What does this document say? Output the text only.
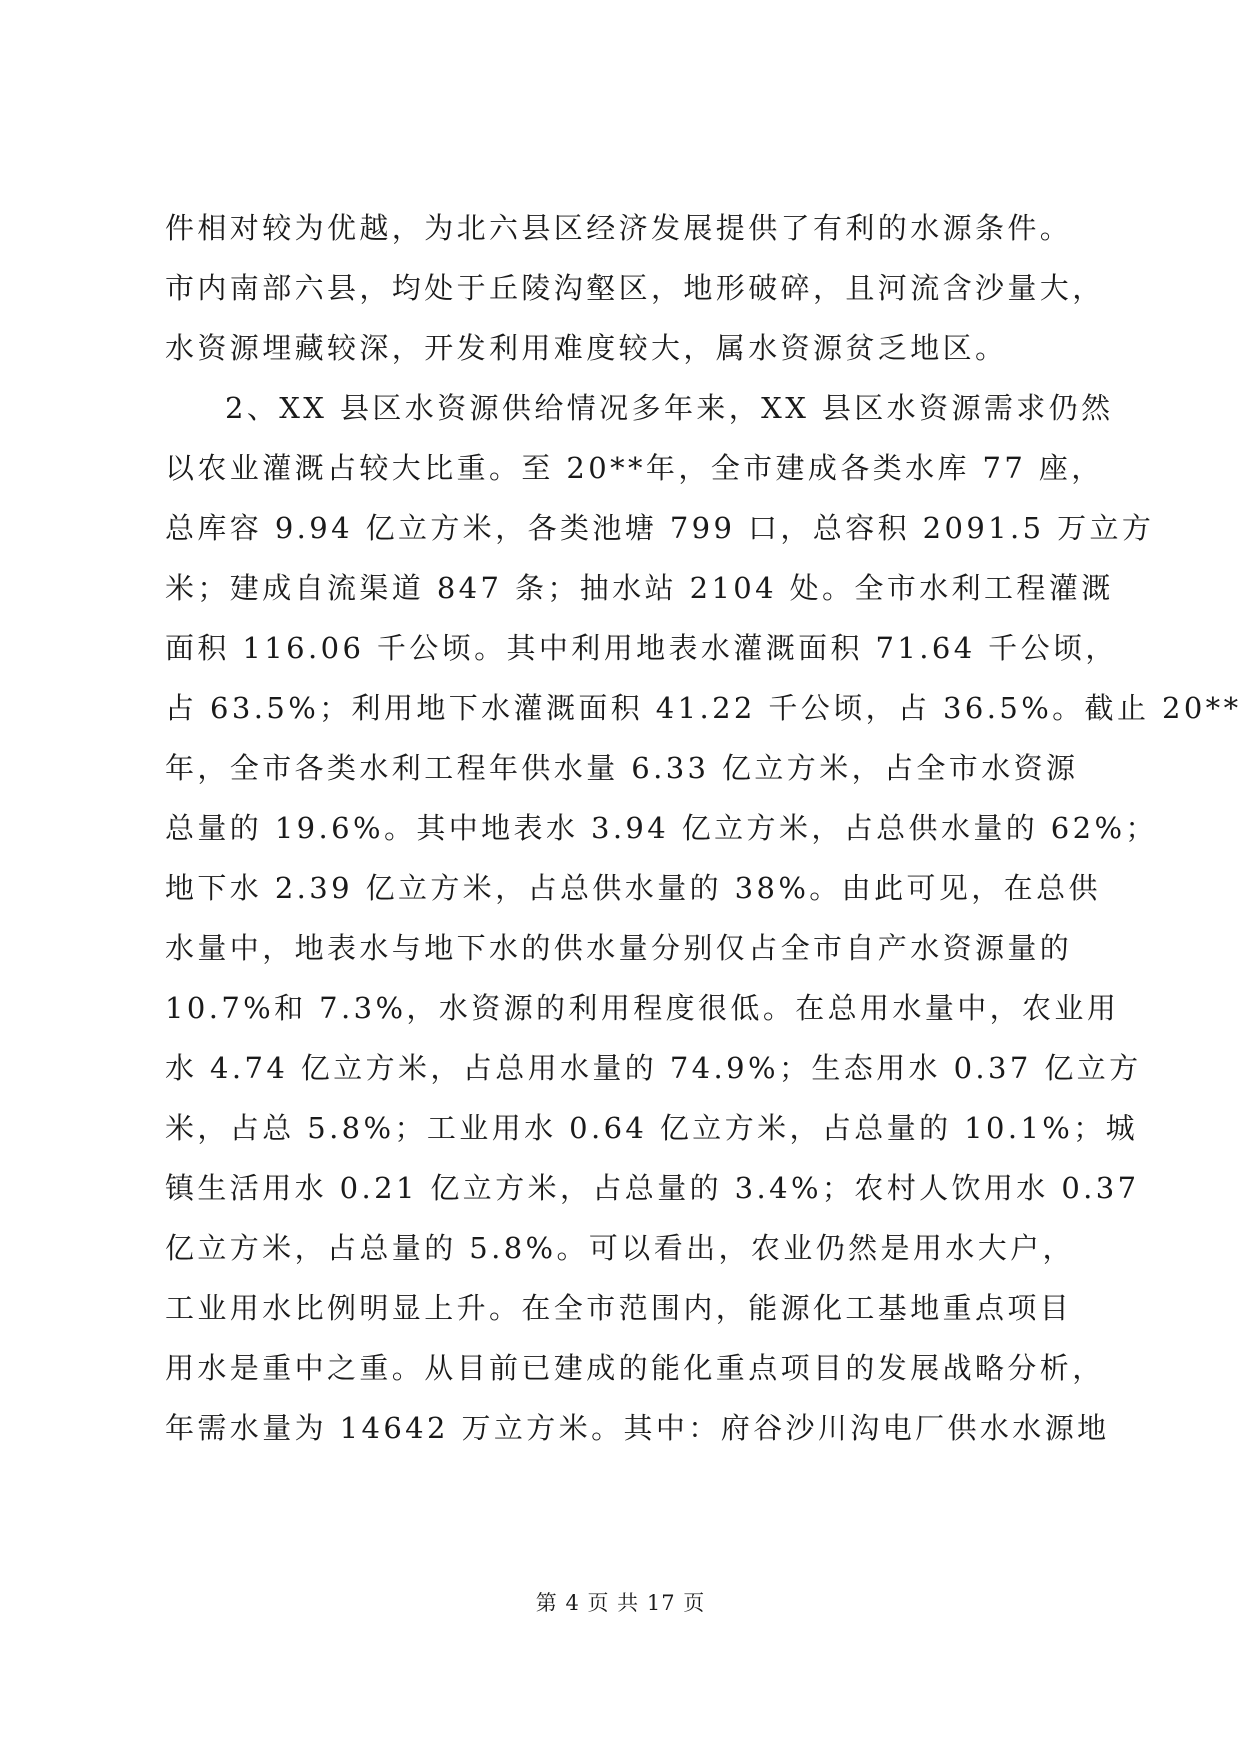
件相对较为优越，为北六县区经济发展提供了有利的水源条件。
市内南部六县，均处于丘陵沟壑区，地形破碎，且河流含沙量大，
水资源埋藏较深，开发利用难度较大，属水资源贫乏地区。
2、XX 县区水资源供给情况多年来，XX 县区水资源需求仍然
以农业灌溉占较大比重。至 20**年，全市建成各类水库 77 座，
总库容 9.94 亿立方米，各类池塘 799 口，总容积 2091.5 万立方
米；建成自流渠道 847 条；抽水站 2104 处。全市水利工程灌溉
面积 116.06 千公顷。其中利用地表水灌溉面积 71.64 千公顷，
占 63.5%；利用地下水灌溉面积 41.22 千公顷，占 36.5%。截止 20**
年，全市各类水利工程年供水量 6.33 亿立方米，占全市水资源
总量的 19.6%。其中地表水 3.94 亿立方米，占总供水量的 62%；
地下水 2.39 亿立方米，占总供水量的 38%。由此可见，在总供
水量中，地表水与地下水的供水量分别仅占全市自产水资源量的
10.7%和 7.3%，水资源的利用程度很低。在总用水量中，农业用
水 4.74 亿立方米，占总用水量的 74.9%；生态用水 0.37 亿立方
米，占总 5.8%；工业用水 0.64 亿立方米，占总量的 10.1%；城
镇生活用水 0.21 亿立方米，占总量的 3.4%；农村人饮用水 0.37
亿立方米，占总量的 5.8%。可以看出，农业仍然是用水大户，
工业用水比例明显上升。在全市范围内，能源化工基地重点项目
用水是重中之重。从目前已建成的能化重点项目的发展战略分析，
年需水量为 14642 万立方米。其中：府谷沙川沟电厂供水水源地
第 4 页 共 17 页
